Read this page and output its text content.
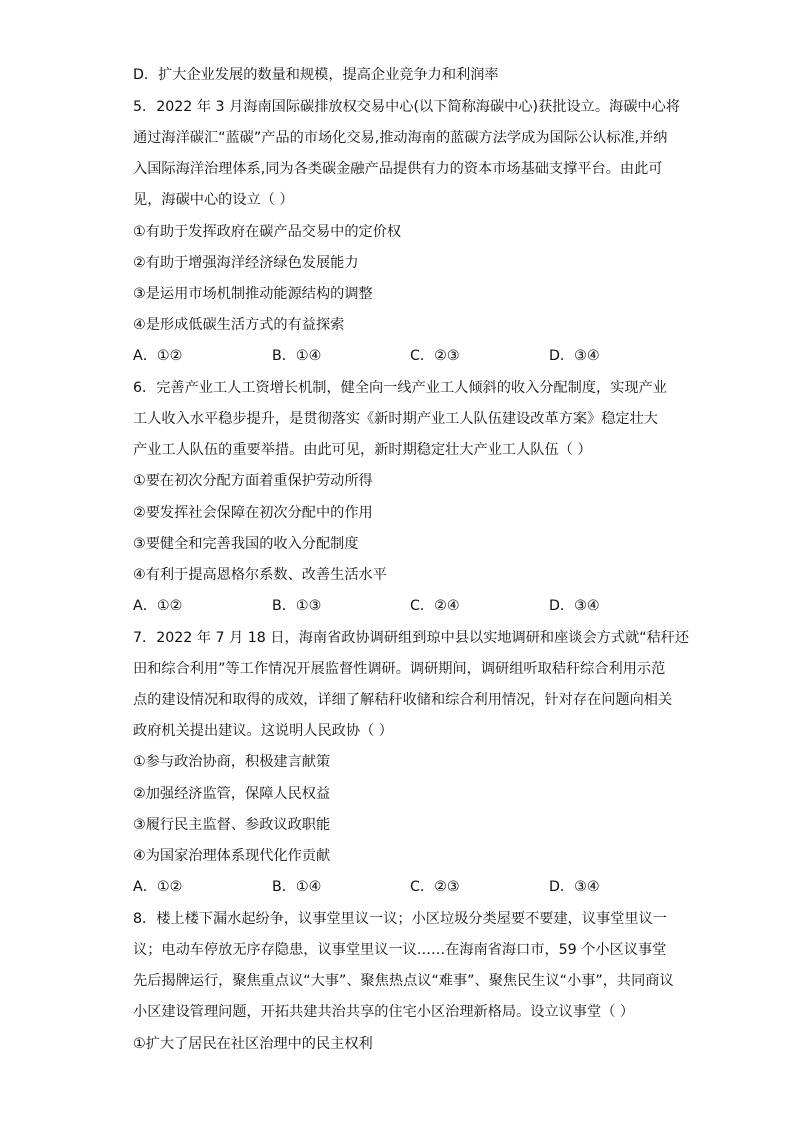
D．扩大企业发展的数量和规模，提高企业竞争力和利润率
5．2022 年 3 月海南国际碳排放权交易中心(以下简称海碳中心)获批设立。海碳中心将
通过海洋碳汇“蓝碳”产品的市场化交易,推动海南的蓝碳方法学成为国际公认标准,并纳
入国际海洋治理体系,同为各类碳金融产品提供有力的资本市场基础支撑平台。由此可
见，海碳中心的设立（ ）
①有助于发挥政府在碳产品交易中的定价权
②有助于增强海洋经济绿色发展能力
③是运用市场机制推动能源结构的调整
④是形成低碳生活方式的有益探索
A．①②	B．①④	C．②③	D．③④
6．完善产业工人工资增长机制，健全向一线产业工人倾斜的收入分配制度，实现产业
工人收入水平稳步提升，是贯彻落实《新时期产业工人队伍建设改革方案》稳定壮大
产业工人队伍的重要举措。由此可见，新时期稳定壮大产业工人队伍（ ）
①要在初次分配方面着重保护劳动所得
②要发挥社会保障在初次分配中的作用
③要健全和完善我国的收入分配制度
④有利于提高恩格尔系数、改善生活水平
A．①②	B．①③	C．②④	D．③④
7．2022 年 7 月 18 日，海南省政协调研组到琼中县以实地调研和座谈会方式就“秸秆还
田和综合利用”等工作情况开展监督性调研。调研期间，调研组听取秸秆综合利用示范
点的建设情况和取得的成效，详细了解秸秆收储和综合利用情况，针对存在问题向相关
政府机关提出建议。这说明人民政协（ ）
①参与政治协商，积极建言献策
②加强经济监管，保障人民权益
③履行民主监督、参政议政职能
④为国家治理体系现代化作贡献
A．①②	B．①④	C．②③	D．③④
8．楼上楼下漏水起纷争，议事堂里议一议；小区垃圾分类屋要不要建，议事堂里议一
议；电动车停放无序存隐患，议事堂里议一议……在海南省海口市，59 个小区议事堂
先后揭牌运行，聚焦重点议“大事”、聚焦热点议“难事”、聚焦民生议“小事”，共同商议
小区建设管理问题，开拓共建共治共享的住宅小区治理新格局。设立议事堂（ ）
①扩大了居民在社区治理中的民主权利
